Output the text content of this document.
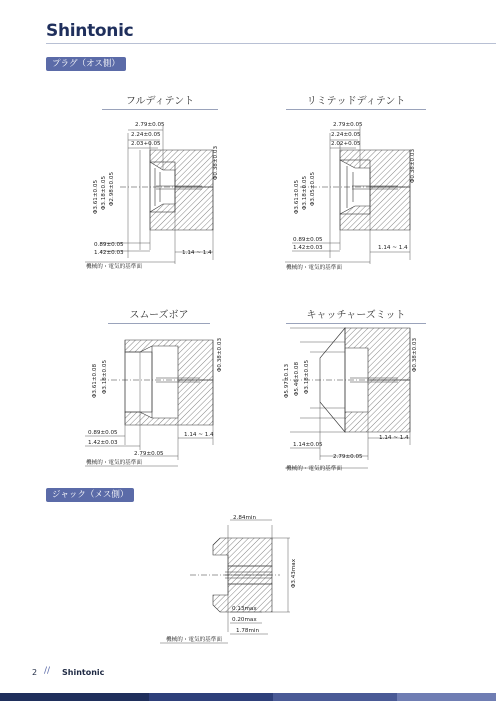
Shintonic
プラグ（オス側）
フルディテント	リミテッドディテント
スムーズボア	キャッチャーズミット
ジャック（メス側）
2.79±0.05
2.24±0.05
2.03+0.05
Φ0.38±0.03
Φ3.61±0.05 Φ3.18±0.05 Φ2.98±0.05
0.89±0.05
1.42±0.03	1.14 ~ 1.4
機械的・電気的基準面
2.79±0.05
2.24±0.05
2.02+0.05
Φ0.38±0.03
Φ3.61±0.05 Φ3.18±0.05 Φ3.05±0.05
0.89±0.05
1.42±0.03	1.14 ~ 1.4
機械的・電気的基準面
Φ0.38±0.03
Φ3.61±0.08 Φ3.18±0.05
0.89±0.05
1.42±0.03
1.14 ~ 1.4
2.79±0.05
機械的・電気的基準面
Φ0.38±0.03
Φ5.97±0.13 Φ5.46±0.08 Φ3.18±0.05
1.14±0.05
1.14 ~ 1.4
2.79±0.05
機械的・電気的基準面
2.84min
Φ3.43max
0.13max
0.20max
1.78min
機械的・電気的基準面
2 // Shintonic
